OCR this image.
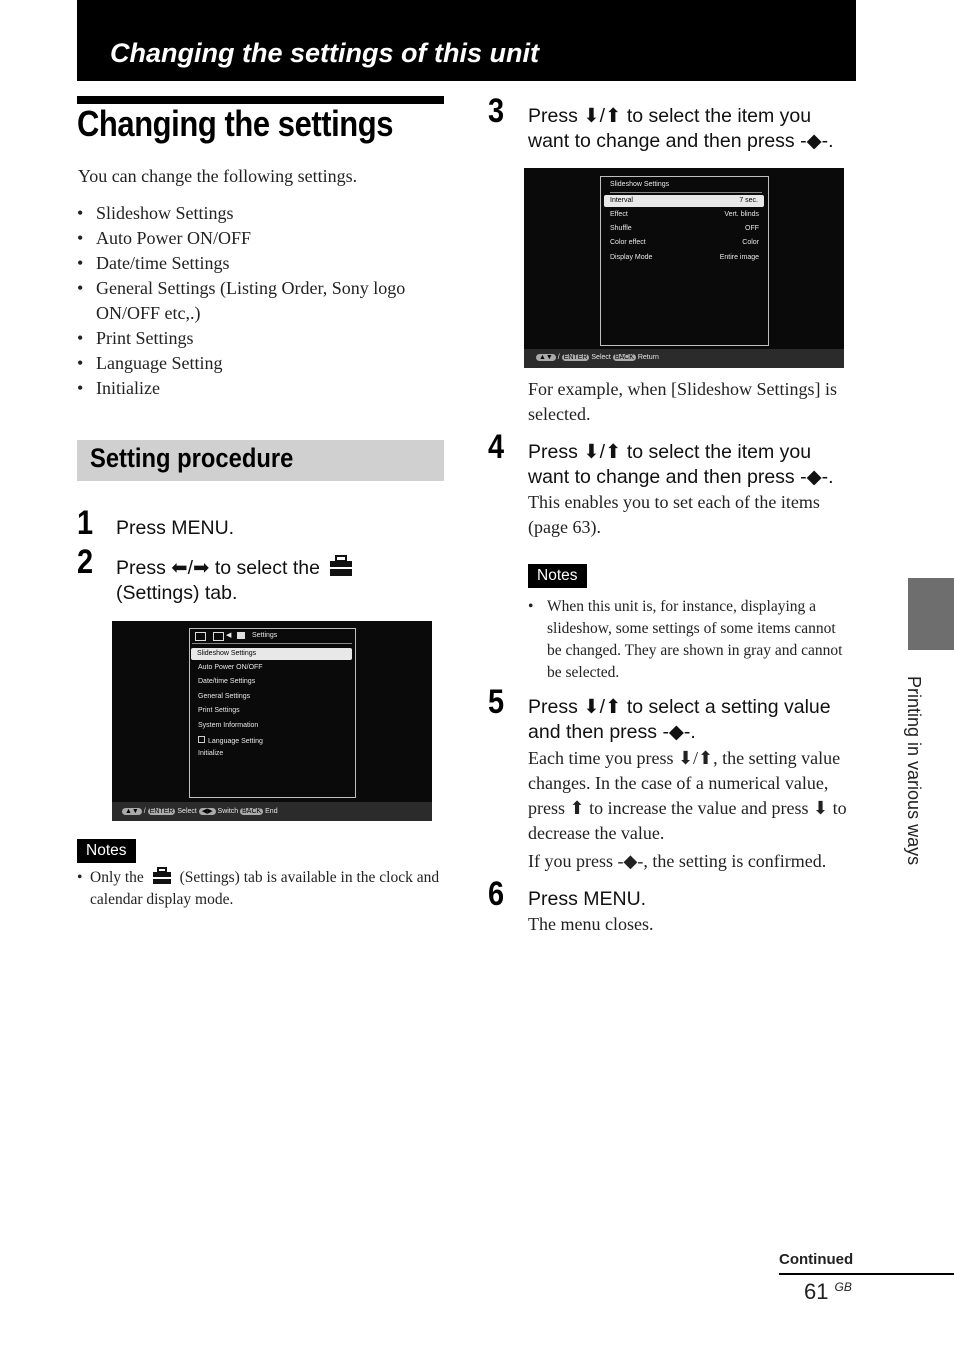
Changing the settings of this unit
Changing the settings
You can change the following settings.
• Slideshow Settings
• Auto Power ON/OFF
• Date/time Settings
• General Settings (Listing Order, Sony logo ON/OFF etc,.)
• Print Settings
• Language Setting
• Initialize
Setting procedure
1 Press MENU.
2 Press ⬅/➡ to select the
(Settings) tab.
◀	Settings
Slideshow Settings
Auto Power ON/OFF
Date/time Settings
General Settings
Print Settings
System Information
Language Setting
Initialize
▲▼ / ENTER Select ◀▶ Switch BACK End
Notes
• Only the (Settings) tab is available in the clock and calendar display mode.
3 Press ⬇/⬆ to select the item you
want to change and then press -◆-.
Slideshow Settings
Interval	7 sec.
Effect	Vert. blinds
Shuffle	OFF
Color effect	Color
Display Mode	Entire image
▲▼ / ENTER Select BACK Return
For example, when [Slideshow Settings] is selected.
4 Press ⬇/⬆ to select the item you
want to change and then press -◆-.
This enables you to set each of the items (page 63).
Notes
• When this unit is, for instance, displaying a slideshow, some settings of some items cannot be changed. They are shown in gray and cannot be selected.
5 Press ⬇/⬆ to select a setting value
and then press -◆-.
Each time you press ⬇/⬆, the setting value changes. In the case of a numerical value, press ⬆ to increase the value and press ⬇ to decrease the value.
If you press -◆-, the setting is confirmed.
6 Press MENU.
The menu closes.
Printing in various ways
Continued
61 $_{GB}$
